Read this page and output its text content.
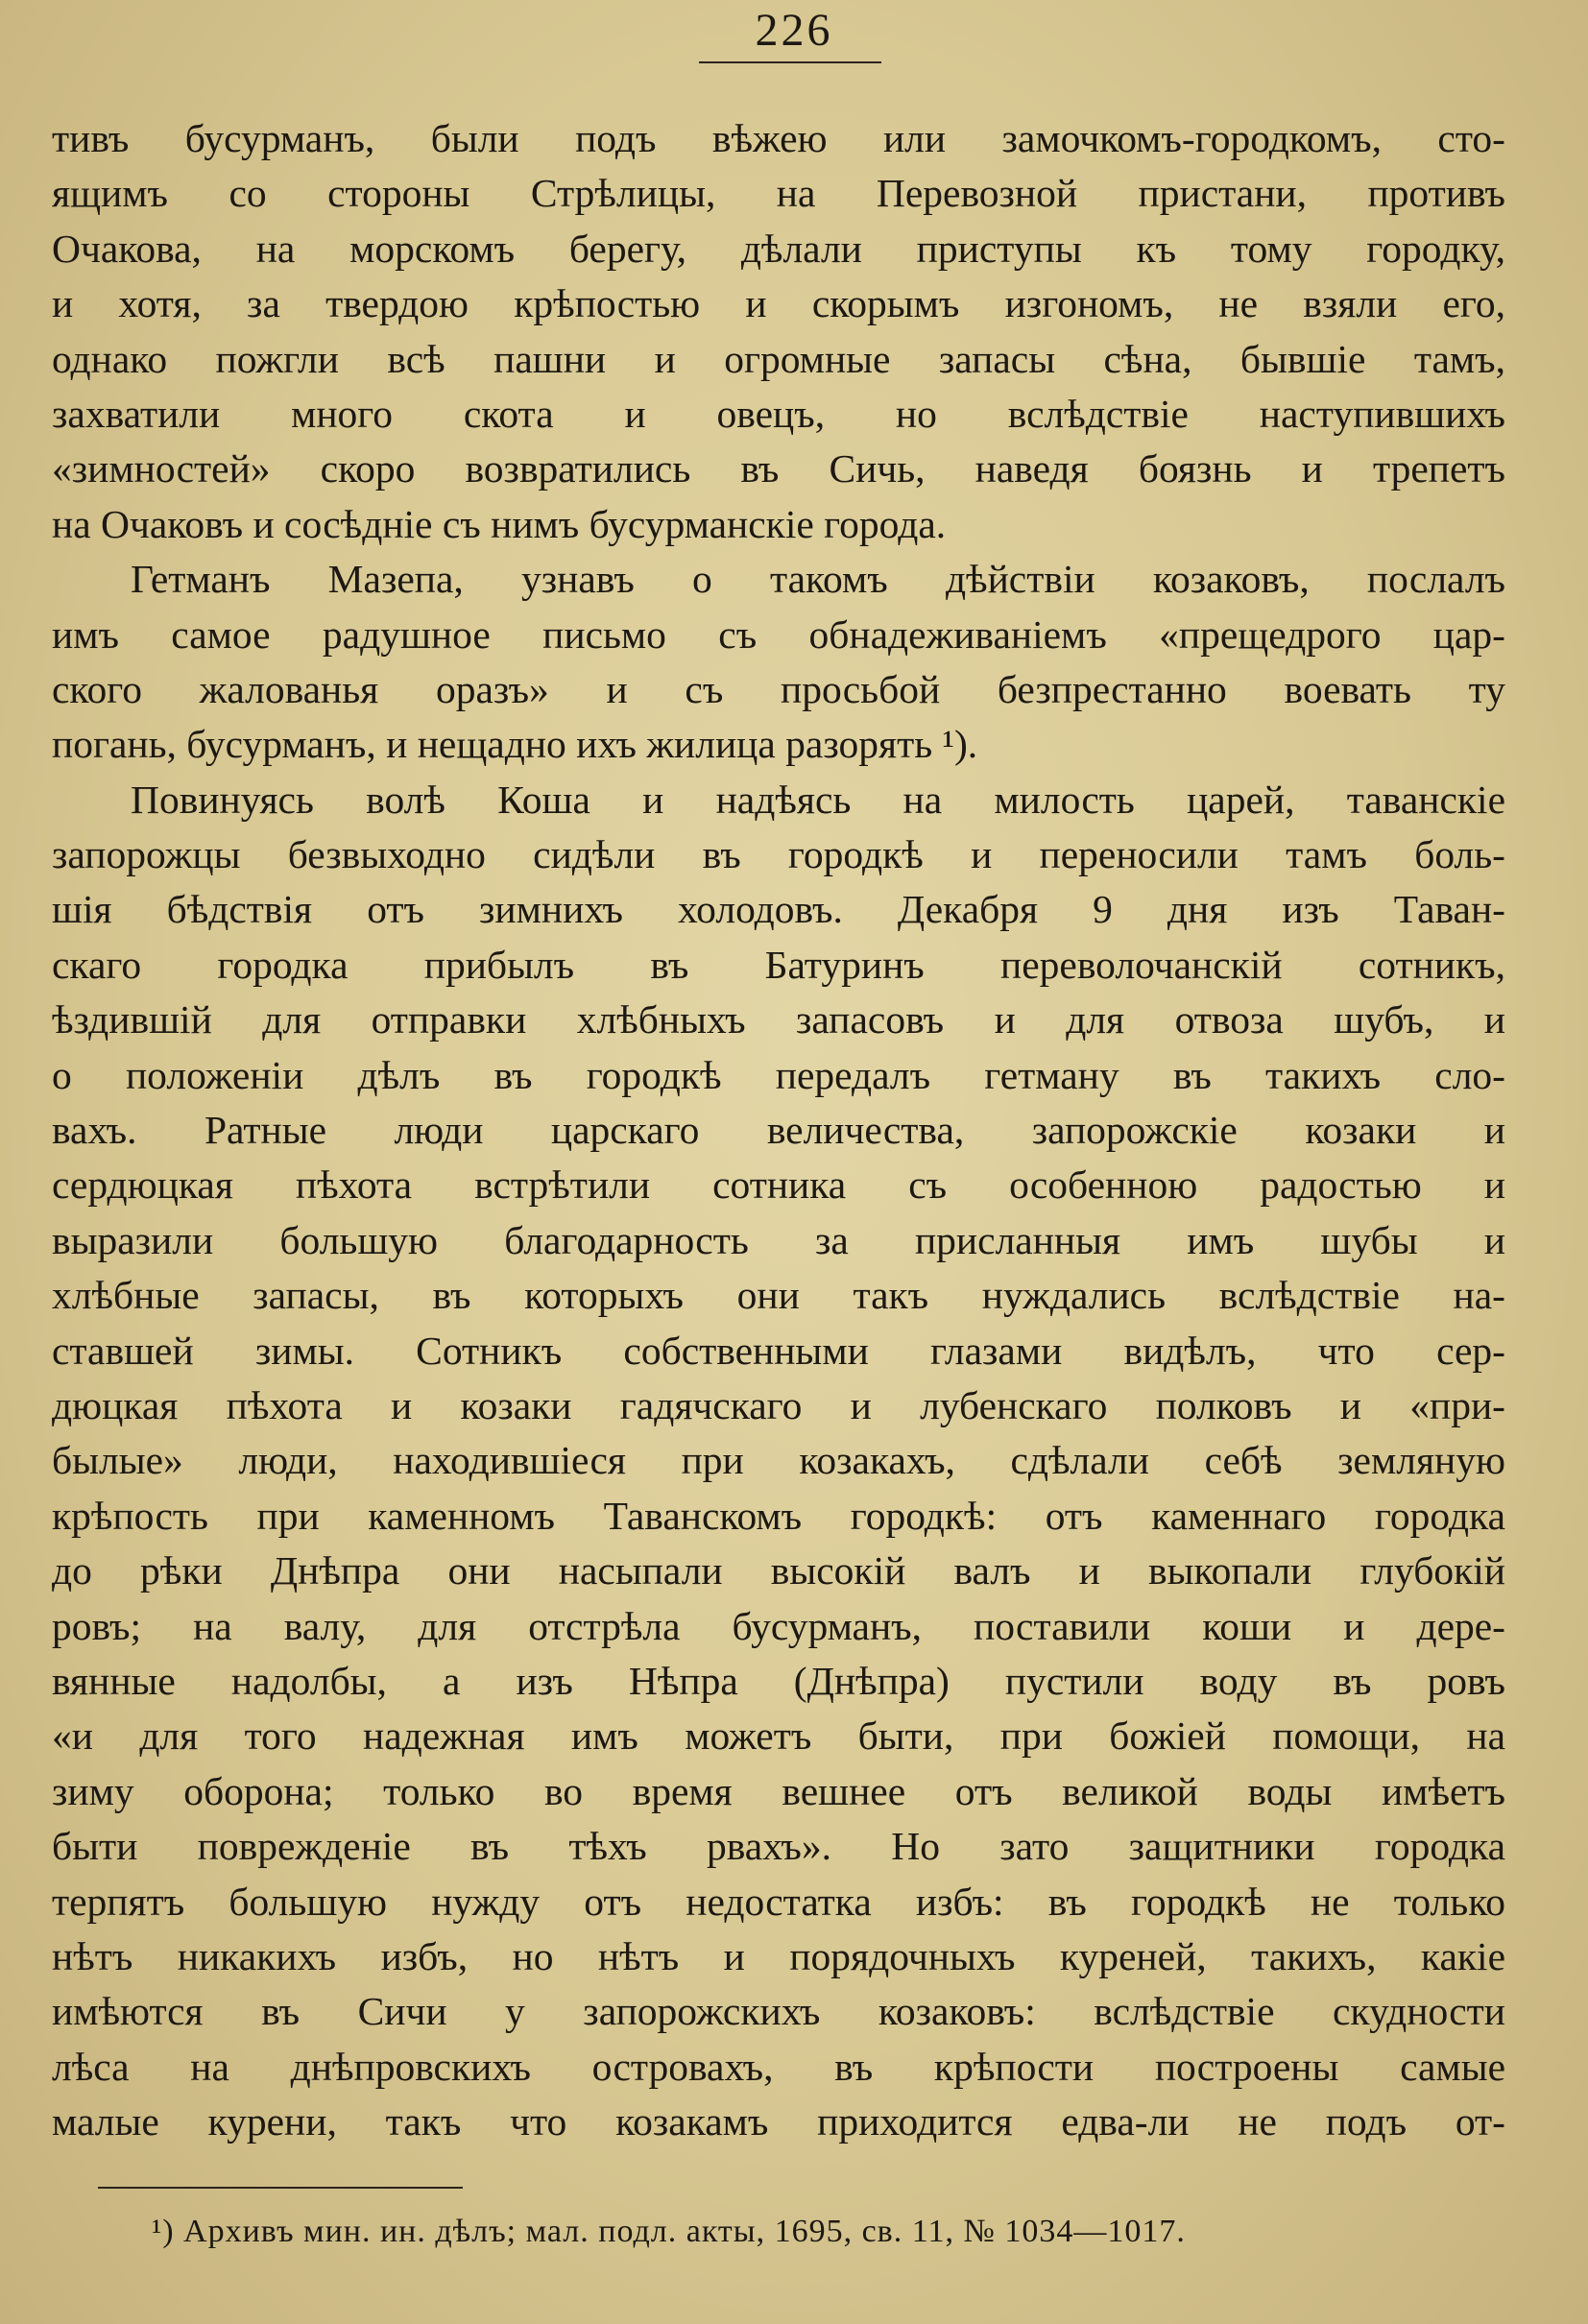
226
тивъ бусурманъ, были подъ вѣжею или замочкомъ-городкомъ, сто-
ящимъ со стороны Стрѣлицы, на Перевозной пристани, противъ
Очакова, на морскомъ берегу, дѣлали приступы къ тому городку,
и хотя, за твердою крѣпостью и скорымъ изгономъ, не взяли его,
однако пожгли всѣ пашни и огромные запасы сѣна, бывшіе тамъ,
захватили много скота и овецъ, но вслѣдствіе наступившихъ
«зимностей» скоро возвратились въ Сичь, наведя боязнь и трепетъ
на Очаковъ и сосѣдніе съ нимъ бусурманскіе города.
Гетманъ Мазепа, узнавъ о такомъ дѣйствіи козаковъ, послалъ
имъ самое радушное письмо съ обнадеживаніемъ «прещедрого цар-
ского жалованья оразъ» и съ просьбой безпрестанно воевать ту
погань, бусурманъ, и нещадно ихъ жилица разорять ¹).
Повинуясь волѣ Коша и надѣясь на милость царей, таванскіе
запорожцы безвыходно сидѣли въ городкѣ и переносили тамъ боль-
шія бѣдствія отъ зимнихъ холодовъ. Декабря 9 дня изъ Таван-
скаго городка прибылъ въ Батуринъ переволочанскій сотникъ,
ѣздившій для отправки хлѣбныхъ запасовъ и для отвоза шубъ, и
о положеніи дѣлъ въ городкѣ передалъ гетману въ такихъ сло-
вахъ. Ратные люди царскаго величества, запорожскіе козаки и
сердюцкая пѣхота встрѣтили сотника съ особенною радостью и
выразили большую благодарность за присланныя имъ шубы и
хлѣбные запасы, въ которыхъ они такъ нуждались вслѣдствіе на-
ставшей зимы. Сотникъ собственными глазами видѣлъ, что сер-
дюцкая пѣхота и козаки гадячскаго и лубенскаго полковъ и «при-
былые» люди, находившіеся при козакахъ, сдѣлали себѣ земляную
крѣпость при каменномъ Таванскомъ городкѣ: отъ каменнаго городка
до рѣки Днѣпра они насыпали высокій валъ и выкопали глубокій
ровъ; на валу, для отстрѣла бусурманъ, поставили коши и дере-
вянные надолбы, а изъ Нѣпра (Днѣпра) пустили воду въ ровъ
«и для того надежная имъ можетъ быти, при божіей помощи, на
зиму оборона; только во время вешнее отъ великой воды имѣетъ
быти поврежденіе въ тѣхъ рвахъ». Но зато защитники городка
терпятъ большую нужду отъ недостатка избъ: въ городкѣ не только
нѣтъ никакихъ избъ, но нѣтъ и порядочныхъ куреней, такихъ, какіе
имѣются въ Сичи у запорожскихъ козаковъ: вслѣдствіе скудности
лѣса на днѣпровскихъ островахъ, въ крѣпости построены самые
малые курени, такъ что козакамъ приходится едва-ли не подъ от-
¹) Архивъ мин. ин. дѣлъ; мал. подл. акты, 1695, св. 11, № 1034—1017.
